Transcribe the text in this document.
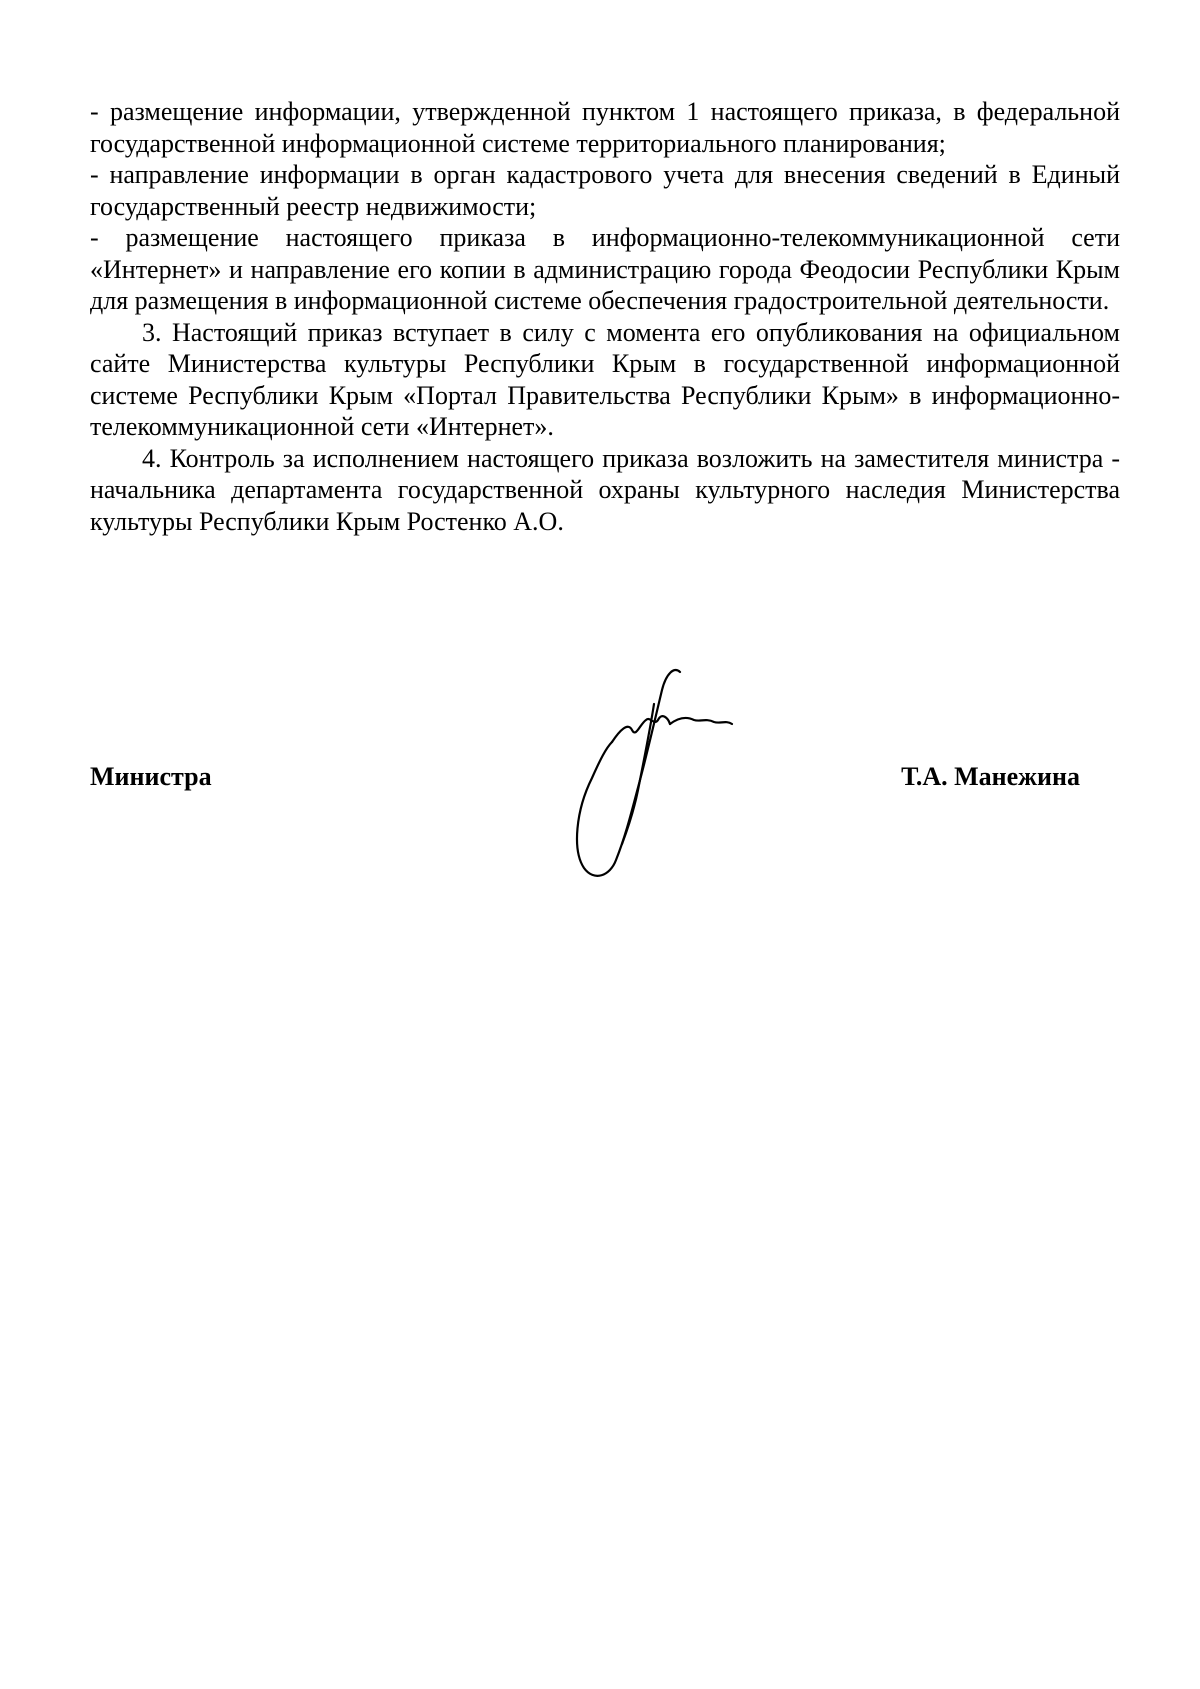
- размещение информации, утвержденной пунктом 1 настоящего приказа, в федеральной государственной информационной системе территориального планирования;

- направление информации в орган кадастрового учета для внесения сведений в Единый государственный реестр недвижимости;

- размещение настоящего приказа в информационно-телекоммуникационной сети «Интернет» и направление его копии в администрацию города Феодосии Республики Крым для размещения в информационной системе обеспечения градостроительной деятельности.

3. Настоящий приказ вступает в силу с момента его опубликования на официальном сайте Министерства культуры Республики Крым в государственной информационной системе Республики Крым «Портал Правительства Республики Крым» в информационно-телекоммуникационной сети «Интернет».

4. Контроль за исполнением настоящего приказа возложить на заместителя министра - начальника департамента государственной охраны культурного наследия Министерства культуры Республики Крым Ростенко А.О.

Министра	Т.А. Манежина
